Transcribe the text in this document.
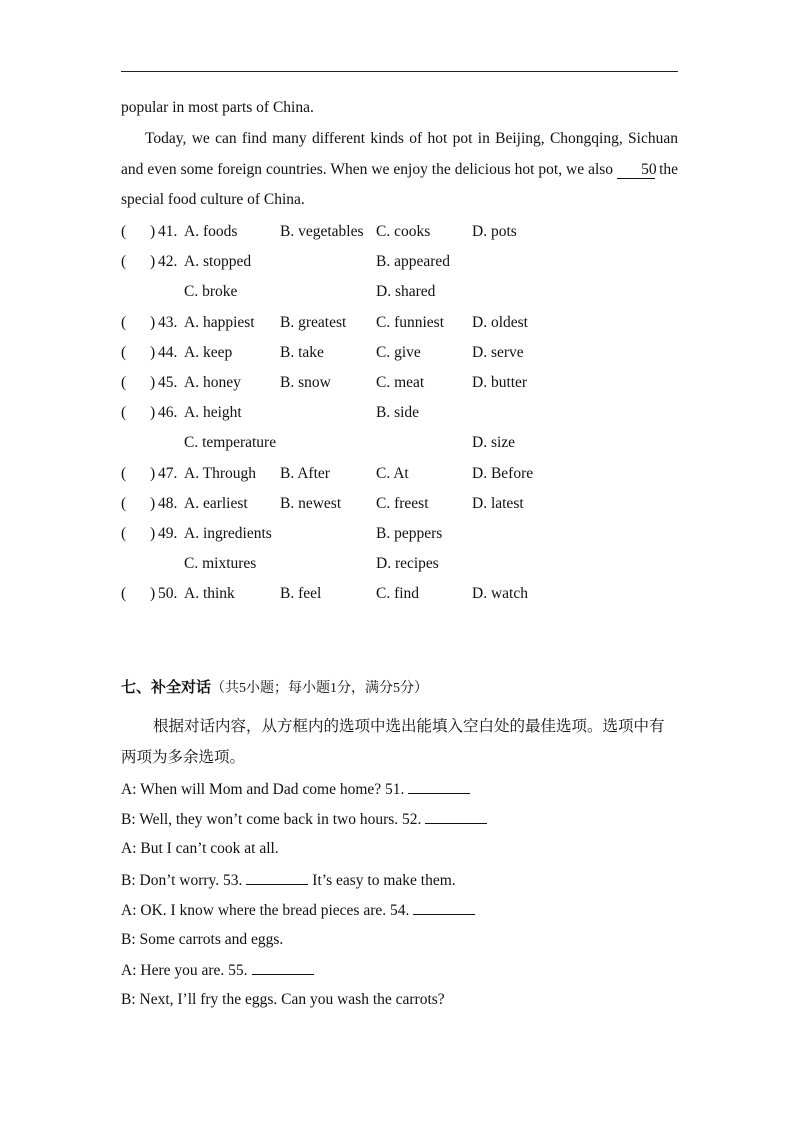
popular in most parts of China.
Today, we can find many different kinds of hot pot in Beijing, Chongqing, Sichuan and even some foreign countries. When we enjoy the delicious hot pot, we also 50 the special food culture of China.
( ) 41. A. foods	B. vegetables C. cooks	D. pots
( ) 42. A. stopped	B. appeared
C. broke	D. shared
( ) 43. A. happiest B. greatest C. funniest D. oldest
( ) 44. A. keep	B. take	C. give	D. serve
( ) 45. A. honey	B. snow	C. meat	D. butter
( ) 46. A. height	B. side
C. temperature	D. size
( ) 47. A. Through B. After	C. At	D. Before
( ) 48. A. earliest B. newest C. freest	D. latest
( ) 49. A. ingredients	B. peppers
C. mixtures	D. recipes
( ) 50. A. think	B. feel	C. find	D. watch
七、补全对话（共5小题；每小题1分，满分5分）
根据对话内容，从方框内的选项中选出能填入空白处的最佳选项。选项中有两项为多余选项。
A: When will Mom and Dad come home? 51.
B: Well, they won’t come back in two hours. 52.
A: But I can’t cook at all.
B: Don’t worry. 53.	It’s easy to make them.
A: OK. I know where the bread pieces are. 54.
B: Some carrots and eggs.
A: Here you are. 55.
B: Next, I’ll fry the eggs. Can you wash the carrots?
